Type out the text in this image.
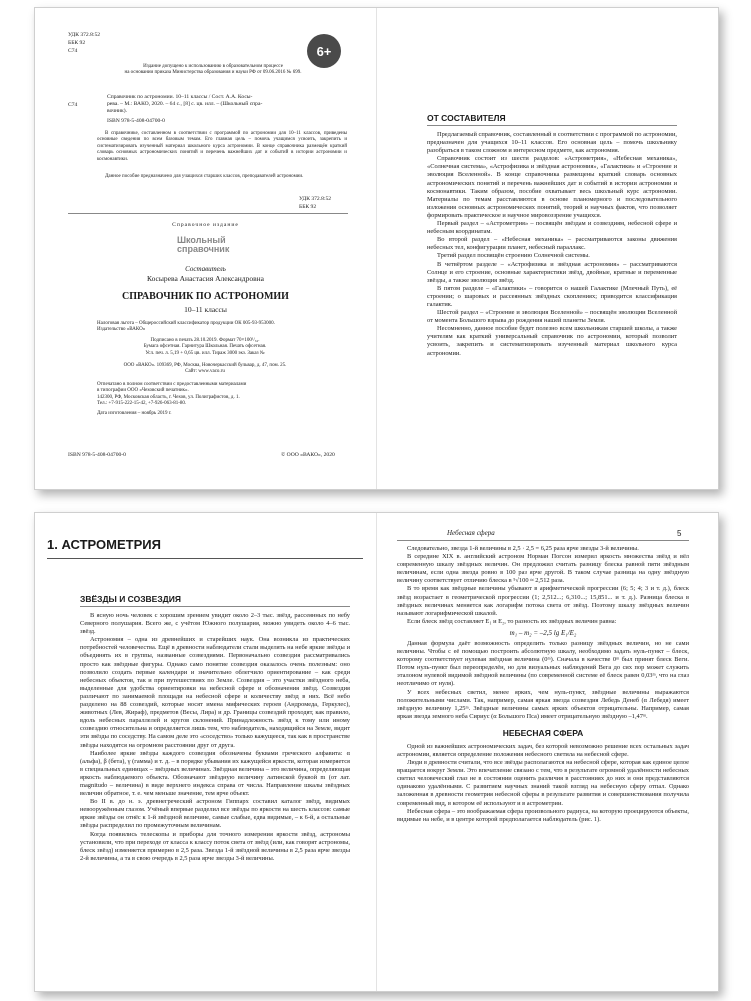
УДК 372.8:52
ББК 92
С74	6+
Издание допущено к использованию в образовательном процессе
на основании приказа Министерства образования и науки РФ от 09.06.2016 № 699.
С74
Справочник по астрономии. 10–11 классы / Сост. А.А. Косы-
рева. – М.: ВАКО, 2020. – 64 с., [8] с. цв. илл. – (Школьный спра-
вочник).
ISBN 978-5-408-04700-0
В справочнике, составленном в соответствии с программой по астрономии для 10–11 классов, приведены основные сведения по всем базовым темам. Его главная цель – помочь учащимся усвоить, закрепить и систематизировать изученный материал школьного курса астрономии. В конце справочника размещён краткий словарь основных астрономических понятий и перечень важнейших дат и событий в истории астрономии и космонавтики.
Данное пособие предназначено для учащихся старших классов, преподавателей астрономии.
УДК 372.8:52
ББК 92
Справочное издание
Школьный
справочник
Составитель
Косырева Анастасия Александровна
СПРАВОЧНИК ПО АСТРОНОМИИ
10–11 классы
Налоговая льгота – Общероссийский классификатор продукции ОК 005-93-953000.
Издательство «ВАКО»
Подписано в печать 28.10.2019. Формат 70×100¹/₃₂.
Бумага офсетная. Гарнитура Школьная. Печать офсетная.
Усл. печ. л. 5,19 + 0,65 цв. илл. Тираж 3000 экз. Заказ №
ООО «ВАКО». 109369, РФ, Москва, Новочеркасский бульвар, д. 47, пом. 25.
Сайт: www.vaco.ru
Отпечатано в полном соответствии с предоставленными материалами
в типографии ООО «Чеховский печатник».
142300, РФ, Московская область, г. Чехов, ул. Полиграфистов, д. 1.
Тел.: +7-915-222-15-42, +7-926-063-81-80.
Дата изготовления – ноябрь 2019 г.
ISBN 978-5-408-04700-0	© ООО «ВАКО», 2020
ОТ СОСТАВИТЕЛЯ

Предлагаемый справочник, составленный в соответствии с программой по астрономии, предназначен для учащихся 10–11 классов. Его основная цель – помочь школьнику разобраться в таком сложном и интересном предмете, как астрономия.

Справочник состоит из шести разделов: «Астрометрия», «Небесная механика», «Солнечная система», «Астрофизика и звёздная астрономия», «Галактики» и «Строение и эволюция Вселенной». В конце справочника размещены краткий словарь основных астрономических понятий и перечень важнейших дат и событий в истории астрономии и космонавтики. Таким образом, пособие охватывает весь школьный курс астрономии. Материалы по темам расставляются в основе планомерного и последовательного изложения основных астрономических понятий, теорий и научных фактов, что позволяет формировать практическое и научное мировоззрение учащихся.

Первый раздел – «Астрометрия» – посвящён звёздам и созвездиям, небесной сфере и небесным координатам.

Во второй раздел – «Небесная механика» – рассматриваются законы движения небесных тел, конфигурации планет, небесный параллакс.

Третий раздел посвящён строению Солнечной системы.

В четвёртом разделе – «Астрофизика и звёздная астрономия» – рассматриваются Солнце и его строение, основные характеристики звёзд, двойные, кратные и переменные звёзды, а также эволюция звёзд.

В пятом разделе – «Галактики» – говорится о нашей Галактике (Млечный Путь), её строении; о шаровых и рассеянных звёздных скоплениях; приводится классификация галактик.

Шестой раздел – «Строение и эволюция Вселенной» – посвящён эволюции Вселенной от момента Большого взрыва до рождения нашей планеты Земля.

Несомненно, данное пособие будет полезно всем школьникам старшей школы, а также учителям как краткий универсальный справочник по астрономии, который позволит усвоить, закрепить и систематизировать изученный материал школьного курса астрономии.

1. АСТРОМЕТРИЯ
ЗВЁЗДЫ И СОЗВЕЗДИЯ

В ясную ночь человек с хорошим зрением увидит около 2–3 тыс. звёзд, рассеянных по небу Северного полушария. Всего же, с учётом Южного полушария, можно увидеть около 4–6 тыс. звёзд.

Астрономия – одна из древнейших и старейших наук. Она возникла из практических потребностей человечества. Ещё в древности наблюдатели стали выделять на небе яркие звёзды и объединять их в группы, названные созвездиями. Первоначально созвездия рассматривались просто как звёздные фигуры. Однако само понятие созвездия оказалось очень полезным: оно позволило создать первые календари и значительно облегчило ориентирование – как среди небесных объектов, так и при путешествиях по Земле. Созвездия – это участки звёздного неба, выделенные для удобства ориентировки на небесной сфере и обозначения звёзд. Созвездия различают по занимаемой площади на небесной сфере и количеству звёзд в них. Всё небо разделено на 88 созвездий, которые носят имена мифических героев (Андромеда, Геркулес), животных (Лев, Жираф), предметов (Весы, Лира) и др. Границы созвездий проходят, как правило, вдоль небесных параллелей и кругов склонений. Принадлежность звёзд к тому или иному созвездию относительна и определяется лишь тем, что наблюдатель, находящийся на Земле, видит эти звёзды по соседству. На самом деле это «соседство» только кажущееся, так как в пространстве звёзды находятся на огромном расстоянии друг от друга.

Наиболее яркие звёзды каждого созвездия обозначены буквами греческого алфавита: α (альфа), β (бета), γ (гамма) и т. д. – в порядке убывания их кажущейся яркости, которая измеряется в специальных единицах – звёздных величинах. Звёздная величина – это величина, определяющая яркость наблюдаемого объекта. Обозначают звёздную величину латинской буквой m (от лат. magnitudo – величина) в виде верхнего индекса справа от числа. Направление шкалы звёздных величин обратное, т. е. чем меньше значение, тем ярче объект.

Во II в. до н. э. древнегреческий астроном Гиппарх составил каталог звёзд, видимых невооружённым глазом. Учёный впервые разделил все звёзды по яркости на шесть классов: самые яркие звёзды он отнёс к 1-й звёздной величине, самые слабые, едва видимые, – к 6-й, а остальные звёзды распределил по промежуточным величинам.

Когда появились телескопы и приборы для точного измерения яркости звёзд, астрономы установили, что при переходе от класса к классу поток света от звёзд (или, как говорят астрономы, блеск звёзд) изменяется примерно в 2,5 раза. Звезда 1-й звёздной величины в 2,5 раза ярче звезды 2-й величины, а та в свою очередь в 2,5 раза ярче звезды 3-й величины.

Небесная сфера	5

Следовательно, звезда 1-й величины в 2,5 · 2,5 = 6,25 раза ярче звезды 3-й величины.

В середине XIX в. английский астроном Норман Погсон измерил яркость множества звёзд и вёл современную шкалу звёздных величин. Он предложил считать разницу блеска равной пяти звёздным величинам, если одна звезда ровно в 100 раз ярче другой. В таком случае разница на одну звёздную величину соответствует отличию блеска в ⁵√100 ≈ 2,512 раза.

В то время как звёздные величины убывают в арифметической прогрессии (6; 5; 4; 3 и т. д.), блеск звёзд возрастает в геометрической прогрессии (1; 2,512...; 6,310...; 15,851... и т. д.). Разница блеска в звёздных величинах меняется как логарифм потока света от звёзд. Поэтому шкалу звёздных величин называют логарифмической шкалой.

Если блеск звёзд составляет E₁ и E₂, то разность их звёздных величин равна:

m₁ – m₂ = –2,5 lg E₁/E₂

Данная формула даёт возможность определить только разницу звёздных величин, но не сами величины. Чтобы с её помощью построить абсолютную шкалу, необходимо задать нуль-пункт – блеск, которому соответствует нулевая звёздная величина (0ᵐ). Сначала в качестве 0ᵐ был принят блеск Веги. Потом нуль-пункт был переопределён, но для визуальных наблюдений Вега до сих пор может служить эталоном нулевой видимой звёздной величины (по современной системе её блеск равен 0,03ᵐ, что на глаз неотличимо от нуля).

У всех небесных светил, менее ярких, чем нуль-пункт, звёздные величины выражаются положительными числами. Так, например, самая яркая звезда созвездия Лебедь Денеб (α Лебедя) имеет звёздную величину 1,25ᵐ. Звёздные величины самых ярких объектов отрицательны. Например, самая яркая звезда земного неба Сириус (α Большого Пса) имеет отрицательную звёздную –1,47ᵐ.

НЕБЕСНАЯ СФЕРА

Одной из важнейших астрономических задач, без которой невозможно решение всех остальных задач астрономии, является определение положения небесного светила на небесной сфере.

Люди в древности считали, что все звёзды располагаются на небесной сфере, которая как единое целое вращается вокруг Земли. Это впечатление связано с тем, что в результате огромной удалённости небесных светил человеческий глаз не в состоянии оценить различия в расстояниях до них и они представляются одинаково удалёнными. С развитием научных знаний такой взгляд на небесную сферу отпал. Однако заложенная в древности геометрия небесной сферы в результате развития и совершенствования получила современный вид, в котором её используют и в астрометрии.

Небесная сфера – это воображаемая сфера произвольного радиуса, на которую проецируются объекты, видимые на небе, и в центре которой предполагается наблюдатель (рис. 1).
